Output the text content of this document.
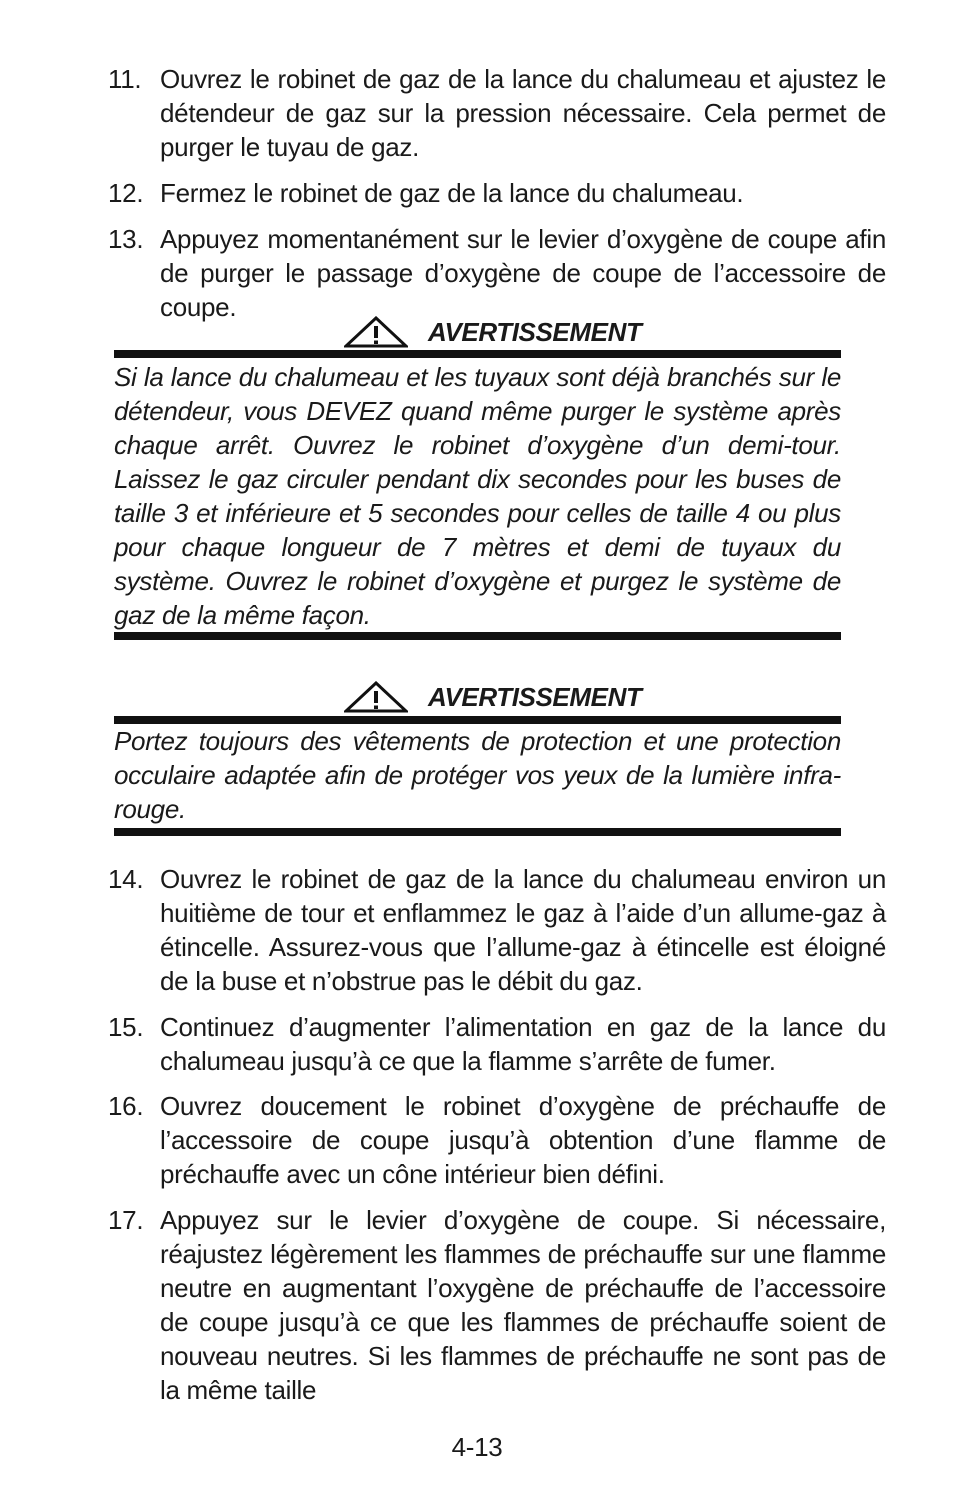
11. Ouvrez le robinet de gaz de la lance du chalumeau et ajustez le détendeur de gaz sur la pression nécessaire. Cela permet de purger le tuyau de gaz.
12. Fermez le robinet de gaz de la lance du chalumeau.
13. Appuyez momentanément sur le levier d’oxygène de coupe afin de purger le passage d’oxygène de coupe de l’accessoire de coupe.
AVERTISSEMENT
Si la lance du chalumeau et les tuyaux sont déjà branchés sur le détendeur, vous DEVEZ quand même purger le système après chaque arrêt. Ouvrez le robinet d’oxygène d’un demi-tour. Laissez le gaz circuler pendant dix secondes pour les buses de taille 3 et inférieure et 5 secondes pour celles de taille 4 ou plus pour chaque longueur de 7 mètres et demi de tuyaux du système. Ouvrez le robinet d’oxygène et purgez le système de gaz de la même façon.
AVERTISSEMENT
Portez toujours des vêtements de protection et une protection occulaire adaptée afin de protéger vos yeux de la lumière infra-rouge.
14. Ouvrez le robinet de gaz de la lance du chalumeau environ un huitième de tour et enflammez le gaz à l’aide d’un allume-gaz à étincelle. Assurez-vous que l’allume-gaz à étincelle est éloigné de la buse et n’obstrue pas le débit du gaz.
15. Continuez d’augmenter l’alimentation en gaz de la lance du chalumeau jusqu’à ce que la flamme s’arrête de fumer.
16. Ouvrez doucement le robinet d’oxygène de préchauffe de l’accessoire de coupe jusqu’à obtention d’une flamme de préchauffe avec un cône intérieur bien défini.
17. Appuyez sur le levier d’oxygène de coupe. Si nécessaire, réajustez légèrement les flammes de préchauffe sur une flamme neutre en augmentant l’oxygène de préchauffe de l’accessoire de coupe jusqu’à ce que les flammes de préchauffe soient de nouveau neutres. Si les flammes de préchauffe ne sont pas de la même taille
4-13
